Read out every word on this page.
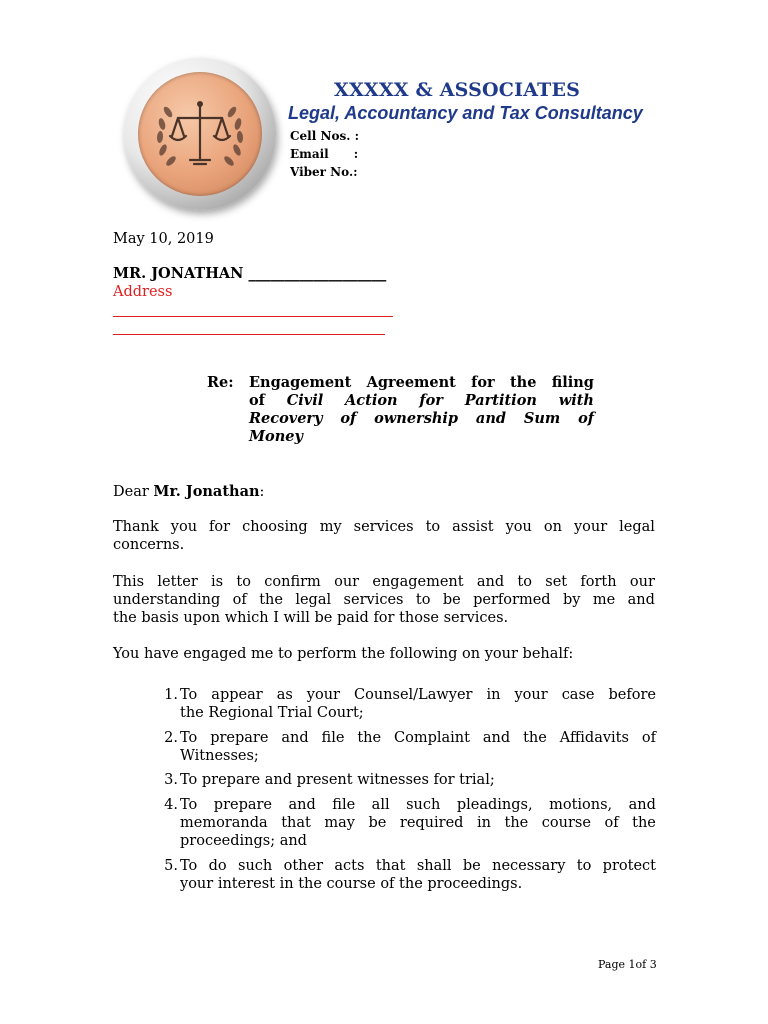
XXXXX & ASSOCIATES
Legal, Accountancy and Tax Consultancy
Cell Nos. :
Email      :
Viber No.:
May 10, 2019
MR. JONATHAN ___________________
Address
Re: Engagement Agreement for the filing
of Civil Action for Partition with
Recovery of ownership and Sum of
Money
Dear Mr. Jonathan:
Thank you for choosing my services to assist you on your legal
concerns.
This letter is to confirm our engagement and to set forth our
understanding of the legal services to be performed by me and
the basis upon which I will be paid for those services.
You have engaged me to perform the following on your behalf:
1. To appear as your Counsel/Lawyer in your case before
the Regional Trial Court;
2. To prepare and file the Complaint and the Affidavits of
Witnesses;
3. To prepare and present witnesses for trial;
4. To prepare and file all such pleadings, motions, and
memoranda that may be required in the course of the
proceedings; and
5. To do such other acts that shall be necessary to protect
your interest in the course of the proceedings.
Page 1of 3
